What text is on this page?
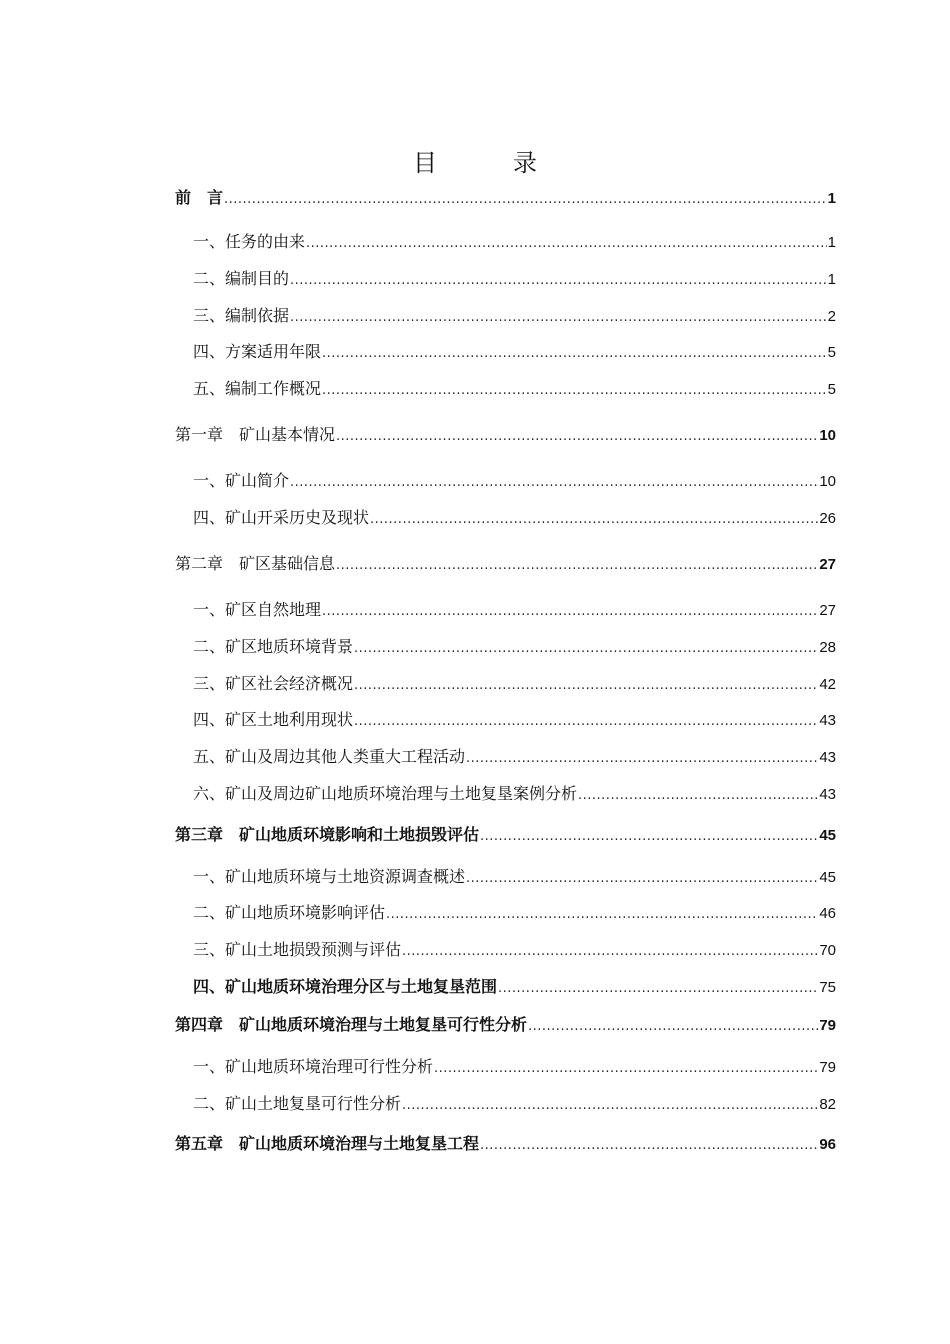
目　录
前　言 .....	1
一、任务的由来 .....	1
二、编制目的 .....	1
三、编制依据 .....	2
四、方案适用年限 .....	5
五、编制工作概况 .....	5
第一章　矿山基本情况 .....	10
一、矿山简介 .....	10
四、矿山开采历史及现状 .....	26
第二章　矿区基础信息 .....	27
一、矿区自然地理 .....	27
二、矿区地质环境背景 .....	28
三、矿区社会经济概况 .....	42
四、矿区土地利用现状 .....	43
五、矿山及周边其他人类重大工程活动 .....	43
六、矿山及周边矿山地质环境治理与土地复垦案例分析 .....	43
第三章　矿山地质环境影响和土地损毁评估 .....	45
一、矿山地质环境与土地资源调查概述 .....	45
二、矿山地质环境影响评估 .....	46
三、矿山土地损毁预测与评估 .....	70
四、矿山地质环境治理分区与土地复垦范围 .....	75
第四章　矿山地质环境治理与土地复垦可行性分析 .....	79
一、矿山地质环境治理可行性分析 .....	79
二、矿山土地复垦可行性分析 .....	82
第五章　矿山地质环境治理与土地复垦工程 .....	96
